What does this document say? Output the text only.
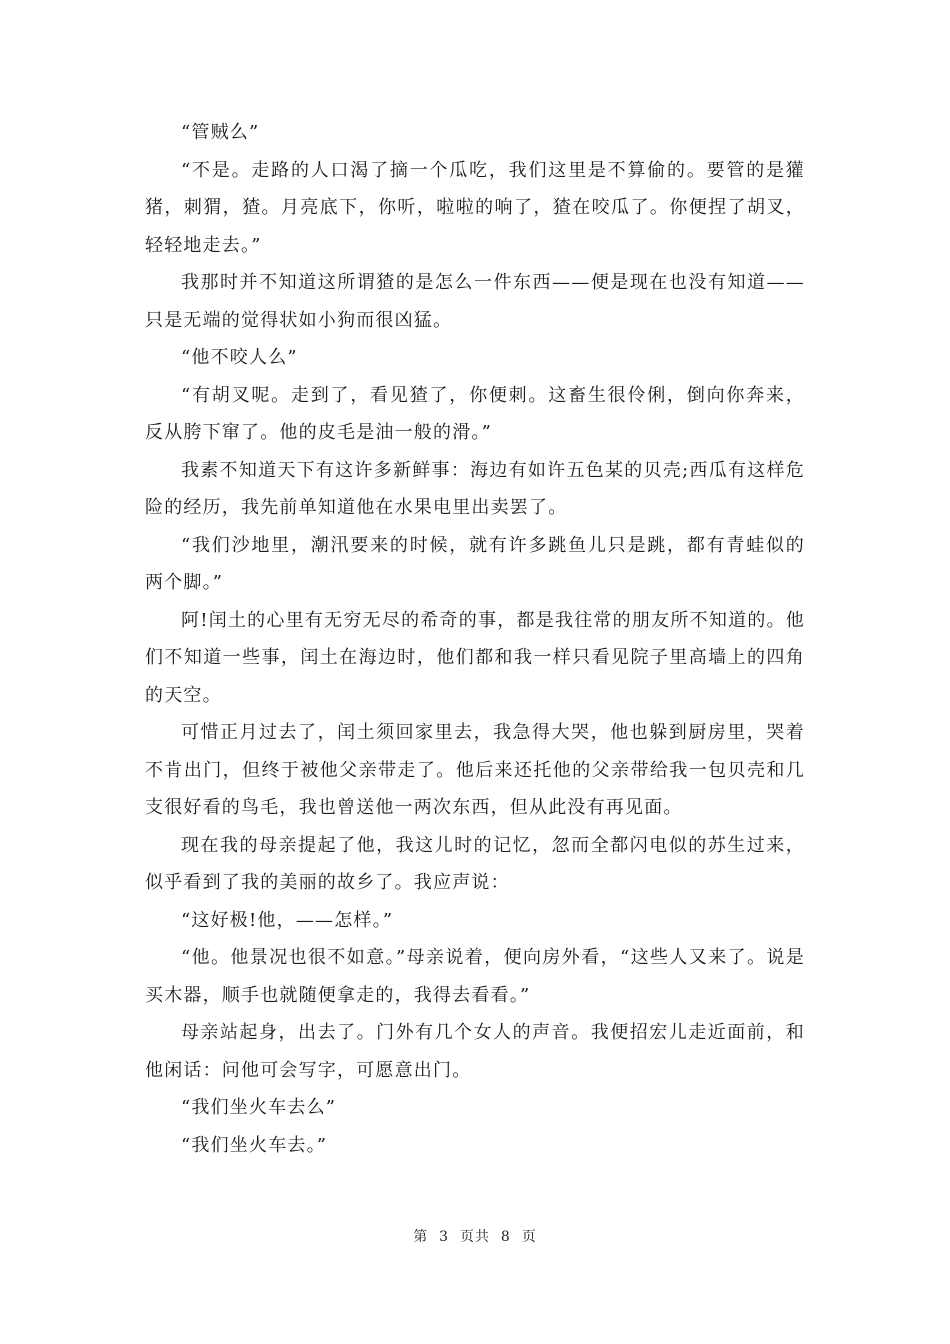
“管贼么”

“不是。走路的人口渴了摘一个瓜吃，我们这里是不算偷的。要管的是獾猪，刺猬，猹。月亮底下，你听，啦啦的响了，猹在咬瓜了。你便捏了胡叉，轻轻地走去。”

我那时并不知道这所谓猹的是怎么一件东西——便是现在也没有知道——只是无端的觉得状如小狗而很凶猛。

“他不咬人么”

“有胡叉呢。走到了，看见猹了，你便刺。这畜生很伶俐，倒向你奔来，反从胯下窜了。他的皮毛是油一般的滑。”

我素不知道天下有这许多新鲜事：海边有如许五色某的贝壳;西瓜有这样危险的经历，我先前单知道他在水果电里出卖罢了。

“我们沙地里，潮汛要来的时候，就有许多跳鱼儿只是跳，都有青蛙似的两个脚。”

阿!闰土的心里有无穷无尽的希奇的事，都是我往常的朋友所不知道的。他们不知道一些事，闰土在海边时，他们都和我一样只看见院子里高墙上的四角的天空。

可惜正月过去了，闰土须回家里去，我急得大哭，他也躲到厨房里，哭着不肯出门，但终于被他父亲带走了。他后来还托他的父亲带给我一包贝壳和几支很好看的鸟毛，我也曾送他一两次东西，但从此没有再见面。

现在我的母亲提起了他，我这儿时的记忆，忽而全都闪电似的苏生过来，似乎看到了我的美丽的故乡了。我应声说：

“这好极!他，——怎样。”

“他。他景况也很不如意。”母亲说着，便向房外看，“这些人又来了。说是买木器，顺手也就随便拿走的，我得去看看。”

母亲站起身，出去了。门外有几个女人的声音。我便招宏儿走近面前，和他闲话：问他可会写字，可愿意出门。

“我们坐火车去么”

“我们坐火车去。”

第  3  页共  8  页
